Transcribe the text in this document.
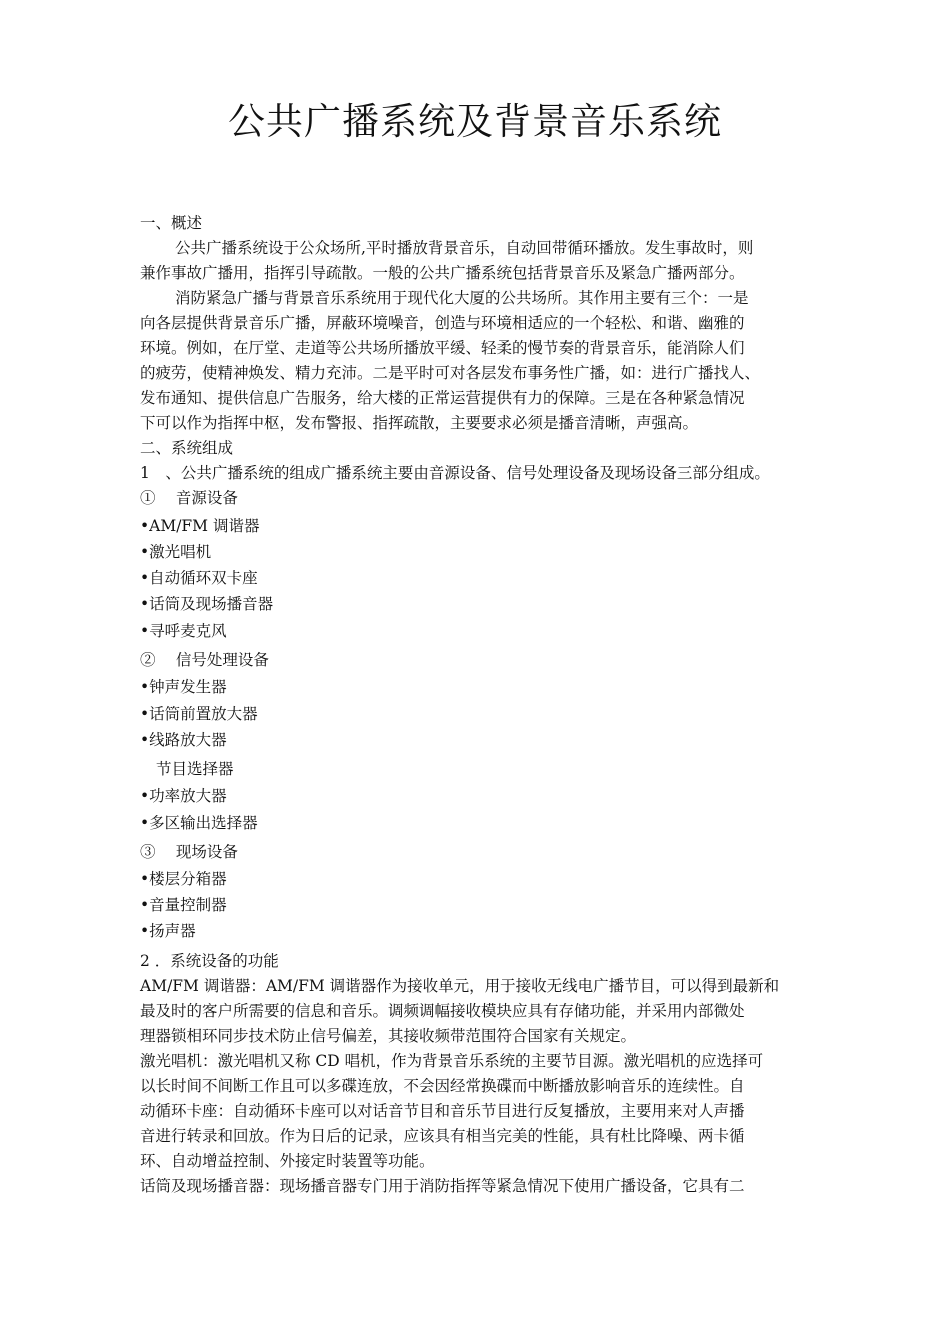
公共广播系统及背景音乐系统
一、概述
公共广播系统设于公众场所,平时播放背景音乐，自动回带循环播放。发生事故时，则
兼作事故广播用，指挥引导疏散。一般的公共广播系统包括背景音乐及紧急广播两部分。
消防紧急广播与背景音乐系统用于现代化大厦的公共场所。其作用主要有三个：一是
向各层提供背景音乐广播，屏蔽环境噪音，创造与环境相适应的一个轻松、和谐、幽雅的
环境。例如，在厅堂、走道等公共场所播放平缓、轻柔的慢节奏的背景音乐，能消除人们
的疲劳，使精神焕发、精力充沛。二是平时可对各层发布事务性广播，如：进行广播找人、
发布通知、提供信息广告服务，给大楼的正常运营提供有力的保障。三是在各种紧急情况
下可以作为指挥中枢，发布警报、指挥疏散，主要要求必须是播音清晰，声强高。
二、系统组成
1　、公共广播系统的组成广播系统主要由音源设备、信号处理设备及现场设备三部分组成。
①　 音源设备
•AM/FM 调谐器
•激光唱机
•自动循环双卡座
•话筒及现场播音器
•寻呼麦克风
②　 信号处理设备
•钟声发生器
•话筒前置放大器
•线路放大器
节目选择器
•功率放大器
•多区输出选择器
③　 现场设备
•楼层分箱器
•音量控制器
•扬声器
2 ．系统设备的功能
AM/FM 调谐器：AM/FM 调谐器作为接收单元，用于接收无线电广播节目，可以得到最新和
最及时的客户所需要的信息和音乐。调频调幅接收模块应具有存储功能，并采用内部微处
理器锁相环同步技术防止信号偏差，其接收频带范围符合国家有关规定。
激光唱机：激光唱机又称 CD 唱机，作为背景音乐系统的主要节目源。激光唱机的应选择可
以长时间不间断工作且可以多碟连放，不会因经常换碟而中断播放影响音乐的连续性。自
动循环卡座：自动循环卡座可以对话音节目和音乐节目进行反复播放，主要用来对人声播
音进行转录和回放。作为日后的记录，应该具有相当完美的性能，具有杜比降噪、两卡循
环、自动增益控制、外接定时装置等功能。
话筒及现场播音器：现场播音器专门用于消防指挥等紧急情况下使用广播设备，它具有二
